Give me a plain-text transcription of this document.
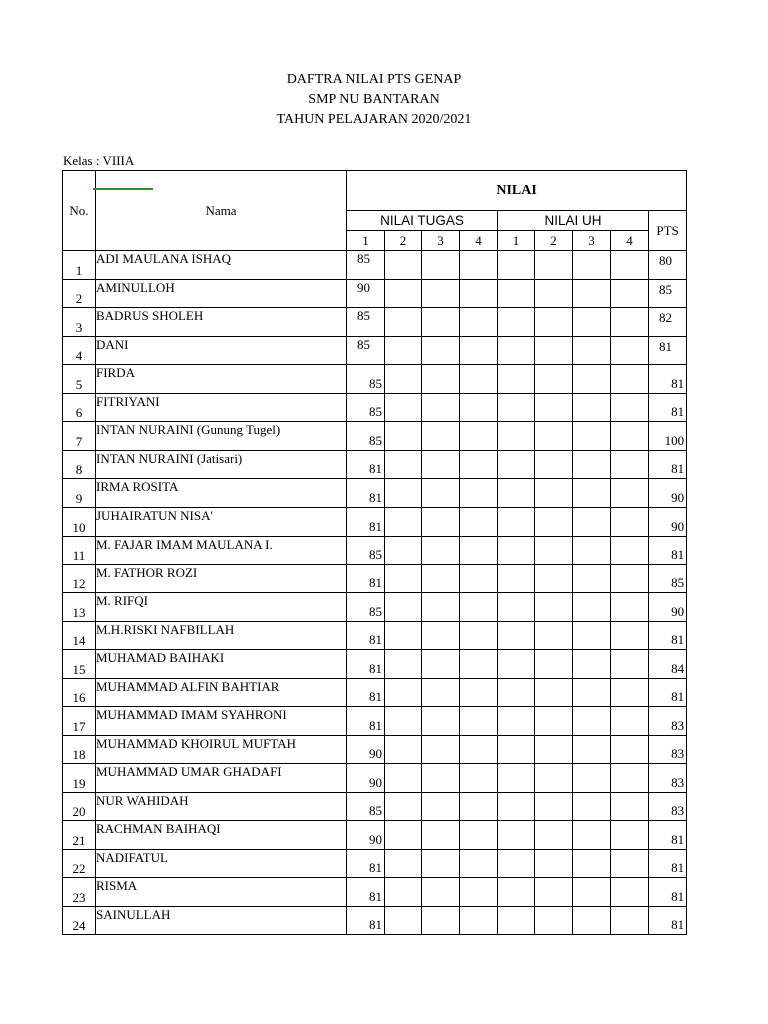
DAFTRA NILAI PTS GENAP
SMP NU BANTARAN
TAHUN PELAJARAN 2020/2021
Kelas : VIIIA
No.	Nama	NILAI								
		NILAI TUGAS				NILAI UH				PTS
		1	2	3	4	1	2	3	4	
1	ADI MAULANA ISHAQ	85								80
2	AMINULLOH	90								85
3	BADRUS SHOLEH	85								82
4	DANI	85								81
5	FIRDA	85								81
6	FITRIYANI	85								81
7	INTAN NURAINI (Gunung Tugel)	85								100
8	INTAN NURAINI (Jatisari)	81								81
9	IRMA ROSITA	81								90
10	JUHAIRATUN NISA'	81								90
11	M. FAJAR IMAM MAULANA I.	85								81
12	M. FATHOR ROZI	81								85
13	M. RIFQI	85								90
14	M.H.RISKI NAFBILLAH	81								81
15	MUHAMAD BAIHAKI	81								84
16	MUHAMMAD ALFIN BAHTIAR	81								81
17	MUHAMMAD IMAM SYAHRONI	81								83
18	MUHAMMAD KHOIRUL MUFTAH	90								83
19	MUHAMMAD UMAR GHADAFI	90								83
20	NUR WAHIDAH	85								83
21	RACHMAN BAIHAQI	90								81
22	NADIFATUL	81								81
23	RISMA	81								81
24	SAINULLAH	81								81
